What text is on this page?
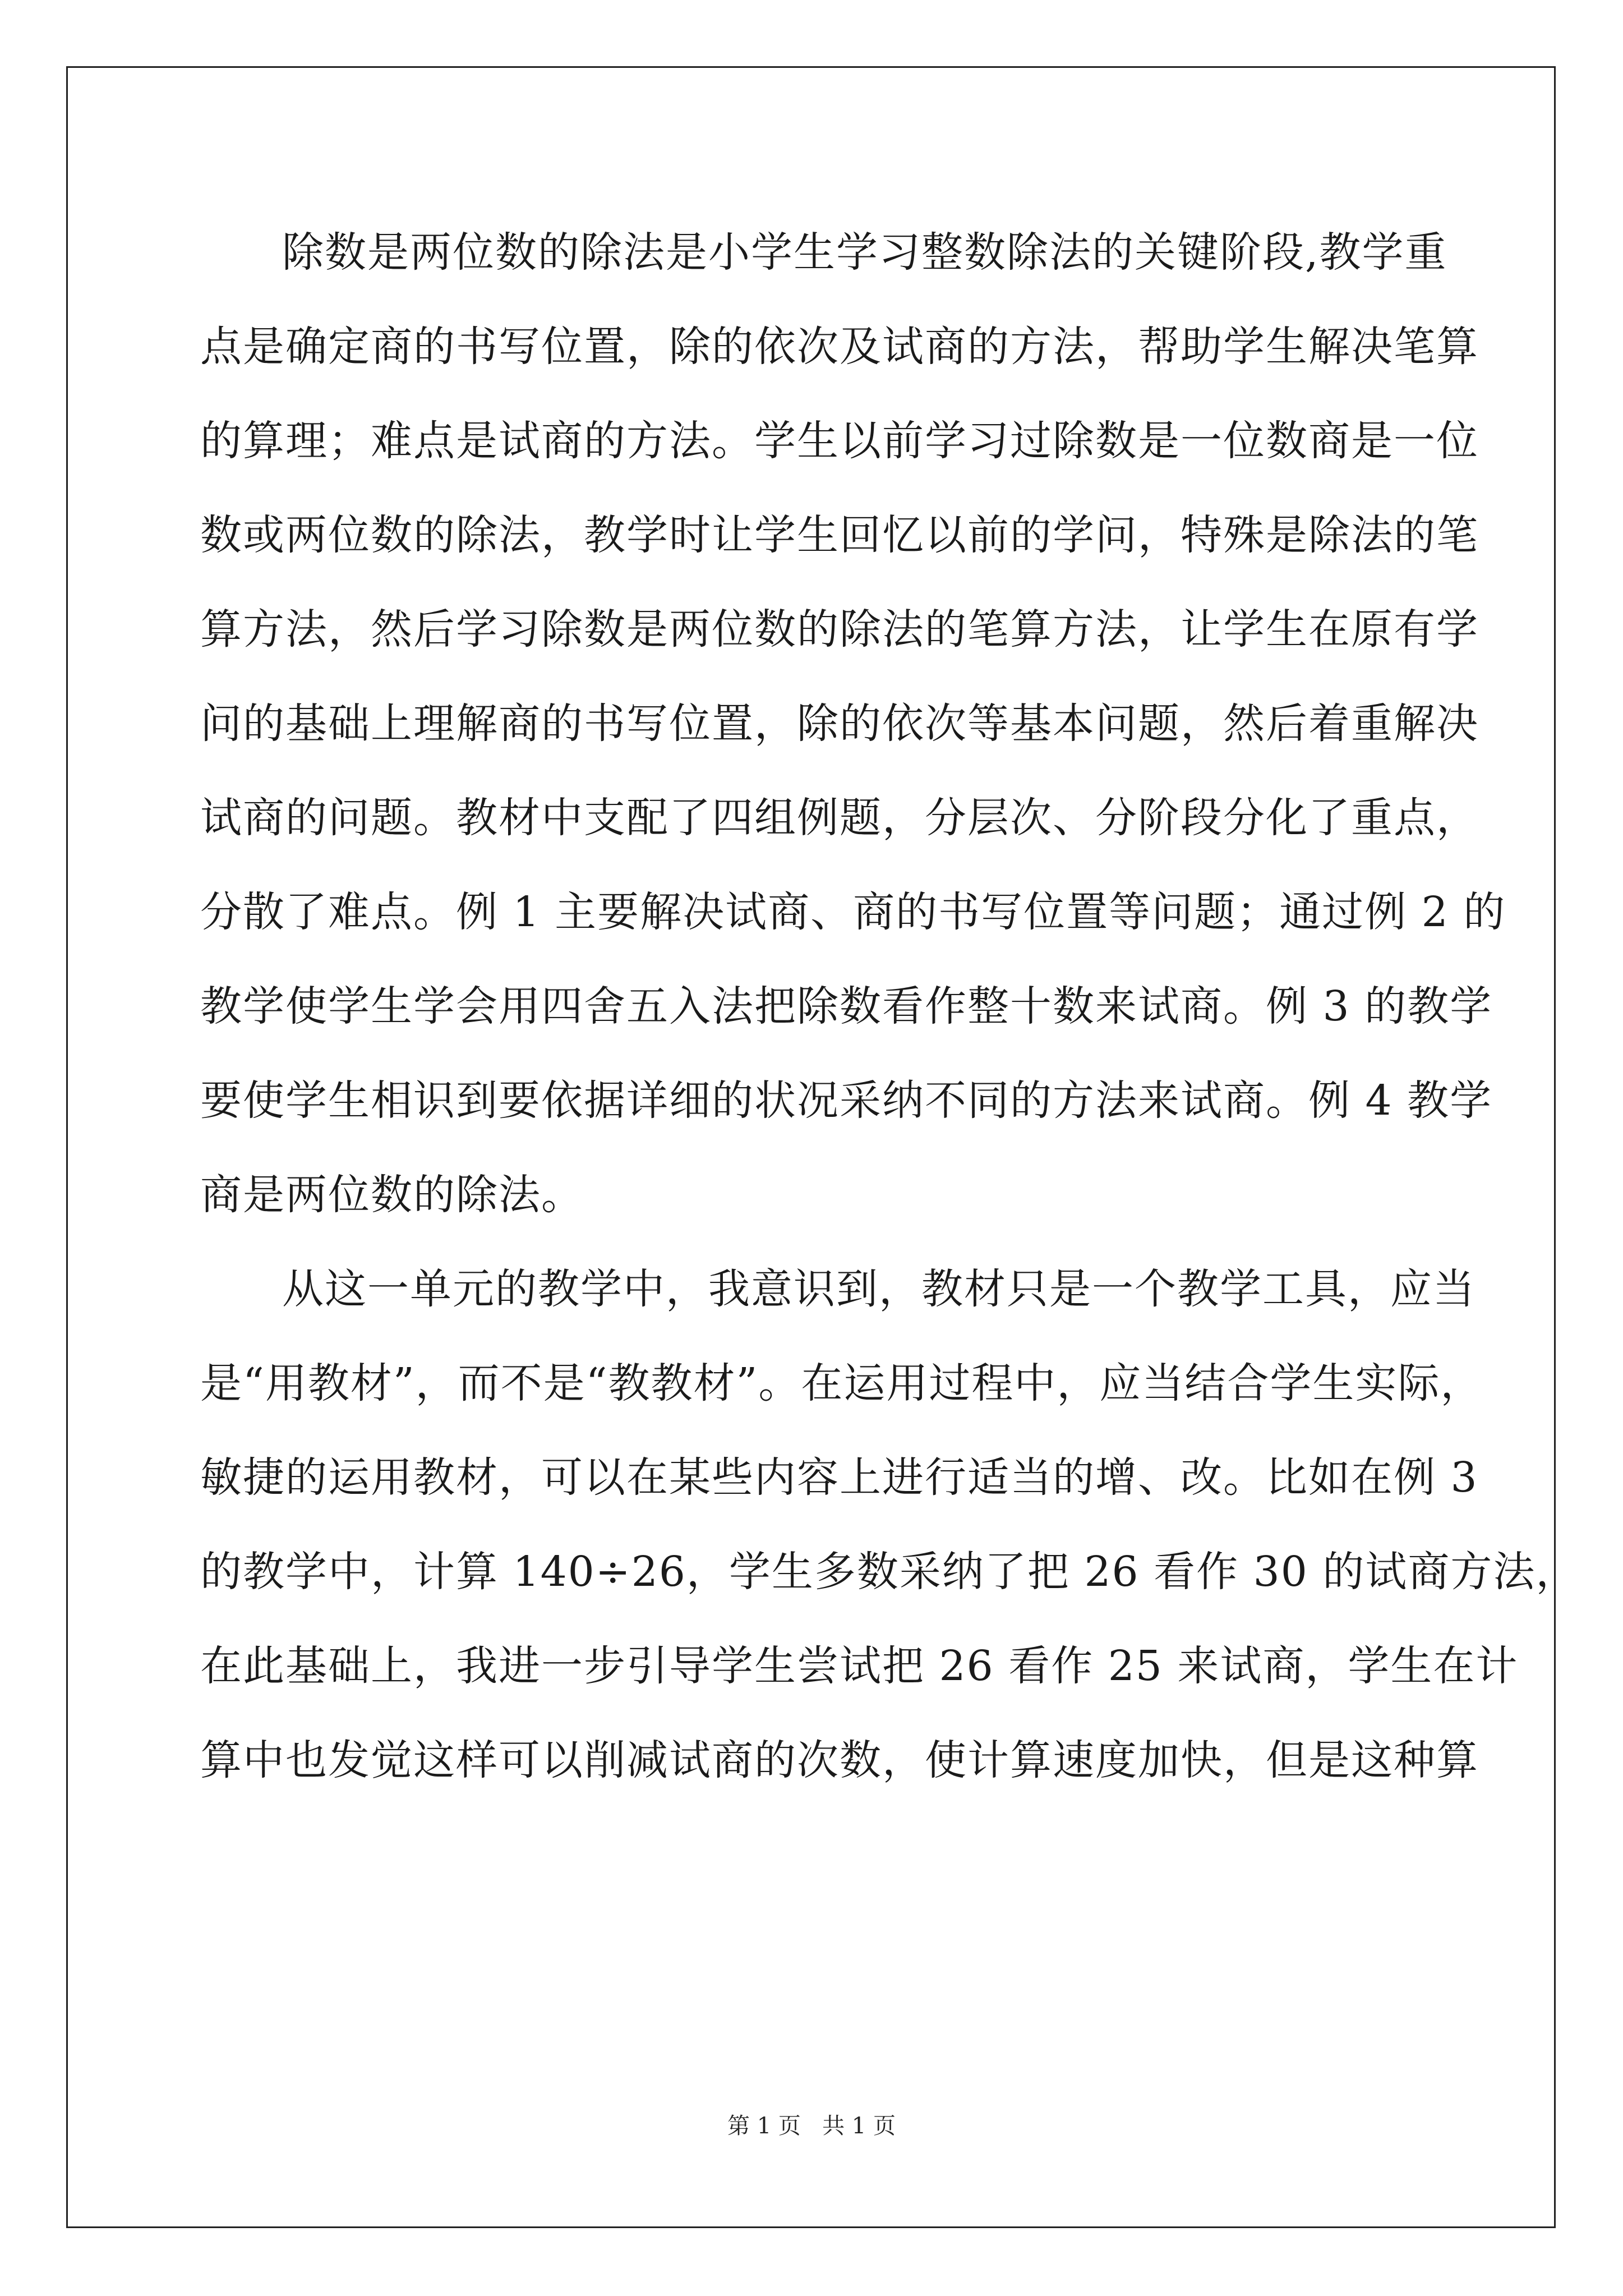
除数是两位数的除法是小学生学习整数除法的关键阶段,教学重
点是确定商的书写位置，除的依次及试商的方法，帮助学生解决笔算
的算理；难点是试商的方法。学生以前学习过除数是一位数商是一位
数或两位数的除法，教学时让学生回忆以前的学问，特殊是除法的笔
算方法，然后学习除数是两位数的除法的笔算方法，让学生在原有学
问的基础上理解商的书写位置，除的依次等基本问题，然后着重解决
试商的问题。教材中支配了四组例题，分层次、分阶段分化了重点，
分散了难点。例 1 主要解决试商、商的书写位置等问题；通过例 2 的
教学使学生学会用四舍五入法把除数看作整十数来试商。例 3 的教学
要使学生相识到要依据详细的状况采纳不同的方法来试商。例 4 教学
商是两位数的除法。
从这一单元的教学中，我意识到，教材只是一个教学工具，应当
是“用教材”，而不是“教教材”。在运用过程中，应当结合学生实际，
敏捷的运用教材，可以在某些内容上进行适当的增、改。比如在例 3
的教学中，计算 140÷26，学生多数采纳了把 26 看作 30 的试商方法，
在此基础上，我进一步引导学生尝试把 26 看作 25 来试商，学生在计
算中也发觉这样可以削减试商的次数，使计算速度加快，但是这种算
第 1 页   共 1 页
